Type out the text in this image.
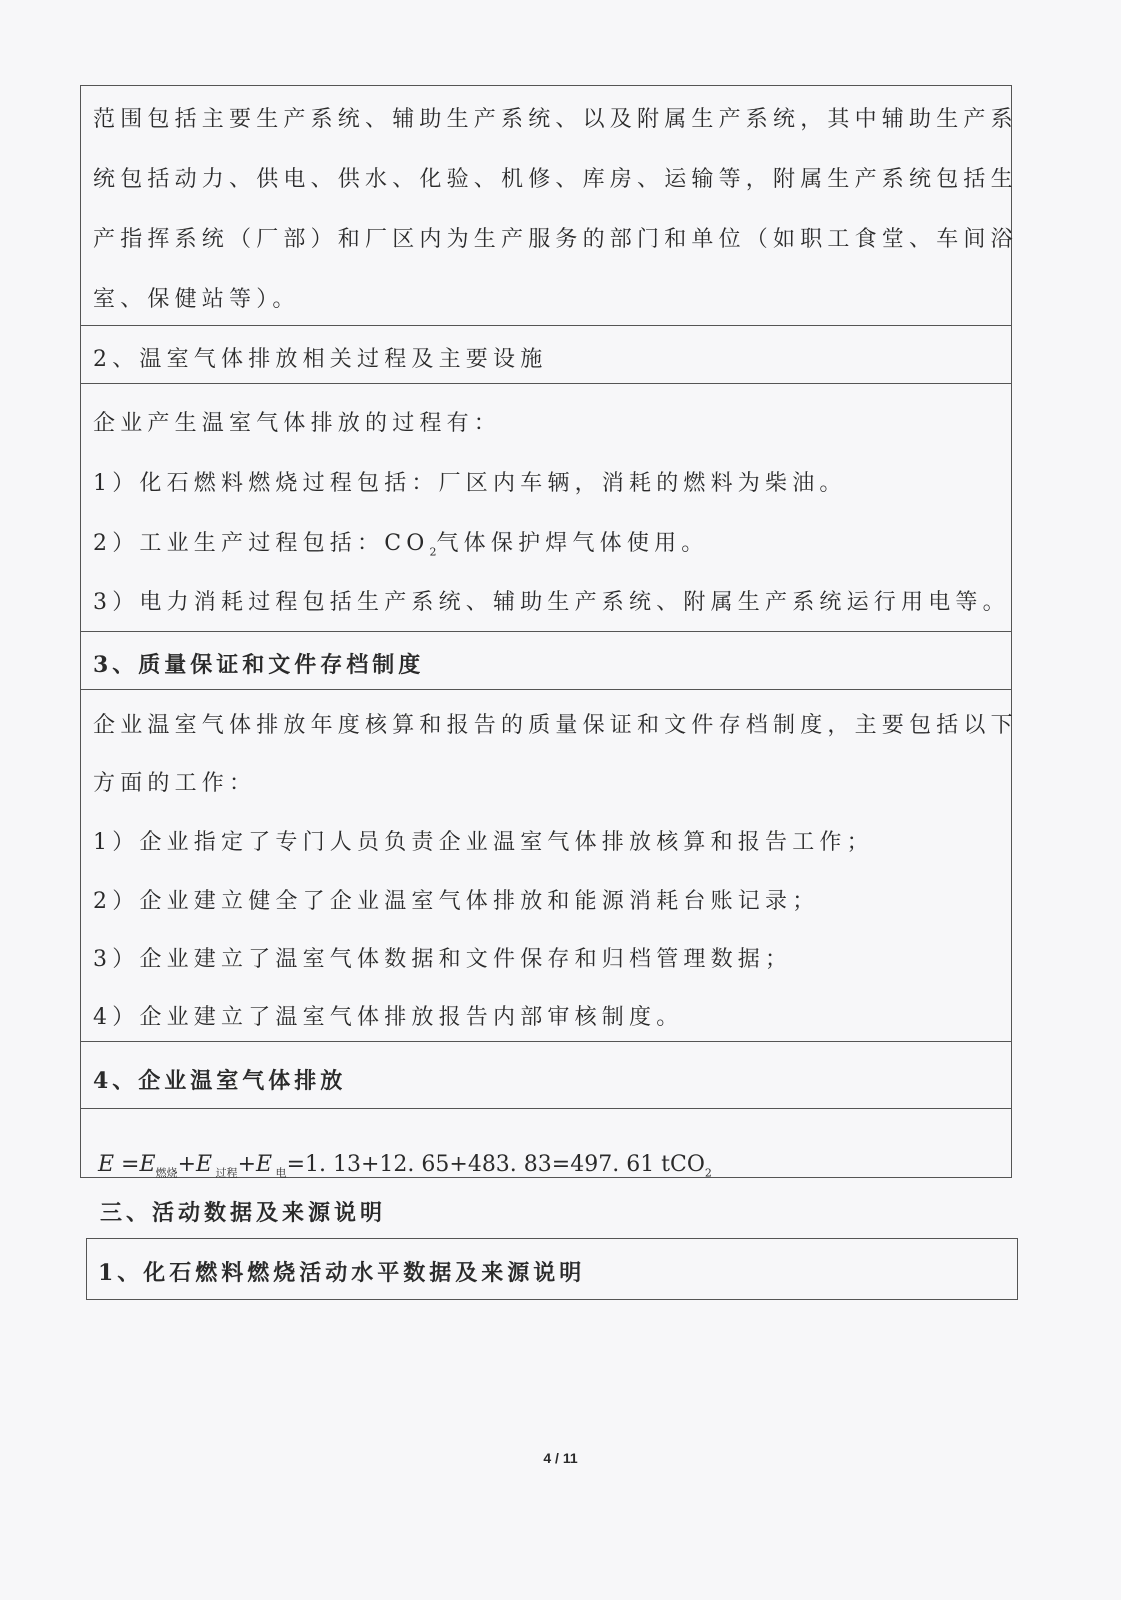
范围包括主要生产系统、辅助生产系统、以及附属生产系统，其中辅助生产系
统包括动力、供电、供水、化验、机修、库房、运输等，附属生产系统包括生
产指挥系统（厂部）和厂区内为生产服务的部门和单位（如职工食堂、车间浴
室、保健站等）。
2、温室气体排放相关过程及主要设施
企业产生温室气体排放的过程有：
1）化石燃料燃烧过程包括：厂区内车辆，消耗的燃料为柴油。
2）工业生产过程包括：$CO_2$气体保护焊气体使用。
3）电力消耗过程包括生产系统、辅助生产系统、附属生产系统运行用电等。
3、质量保证和文件存档制度
企业温室气体排放年度核算和报告的质量保证和文件存档制度，主要包括以下
方面的工作：
1）企业指定了专门人员负责企业温室气体排放核算和报告工作；
2）企业建立健全了企业温室气体排放和能源消耗台账记录；
3）企业建立了温室气体数据和文件保存和归档管理数据；
4）企业建立了温室气体排放报告内部审核制度。
4、企业温室气体排放
$E =E_{燃烧}+E$ $_{过程}$+E $_电$=1. 13+12. 65+483. 83=497. 61 tCO$_2$
三、活动数据及来源说明
1、化石燃料燃烧活动水平数据及来源说明
4 / 11
